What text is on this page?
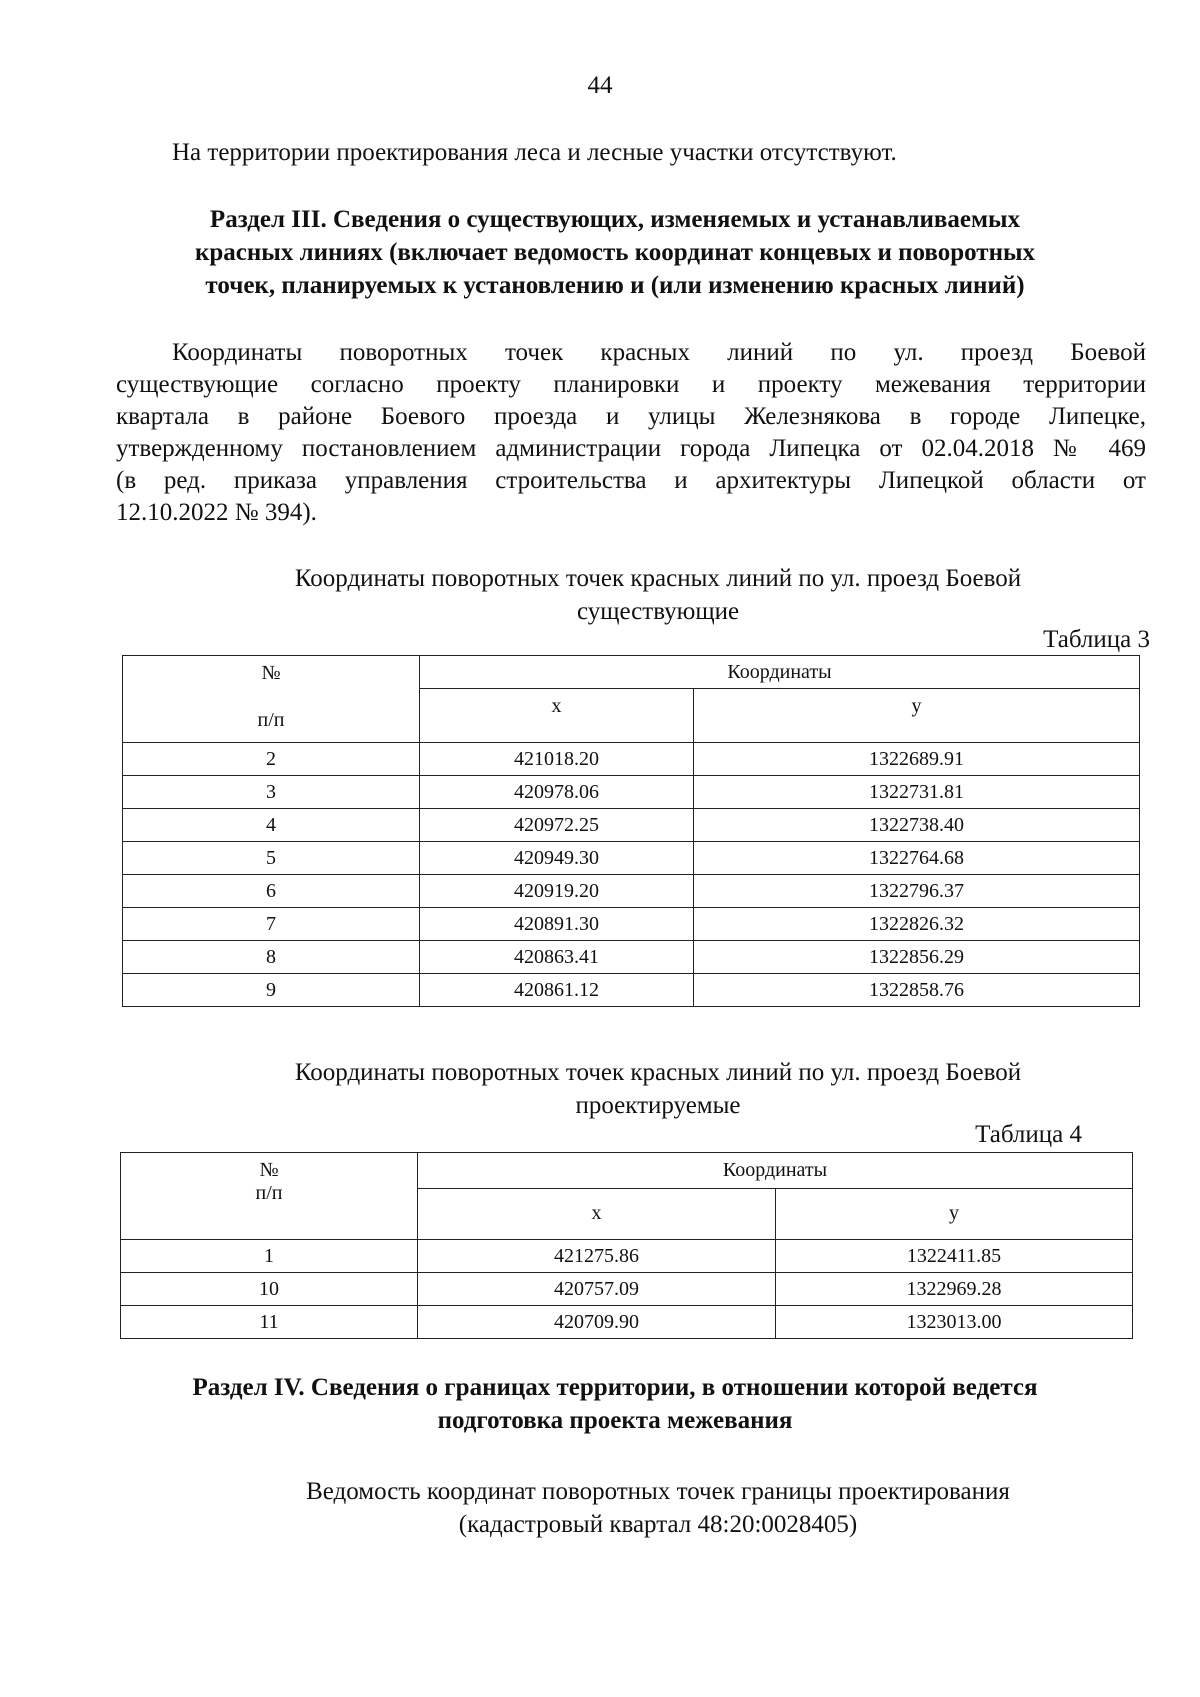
44
На территории проектирования леса и лесные участки отсутствуют.
Раздел III. Сведения о существующих, изменяемых и устанавливаемых
красных линиях (включает ведомость координат концевых и поворотных
точек, планируемых к установлению и (или изменению красных линий)
Координаты поворотных точек красных линий по ул. проезд Боевой
существующие согласно проекту планировки и проекту межевания территории
квартала в районе Боевого проезда и улицы Железнякова в городе Липецке,
утвержденному постановлением администрации города Липецка от 02.04.2018 № 469
(в ред. приказа управления строительства и архитектуры Липецкой области от
12.10.2022 № 394).
Координаты поворотных точек красных линий по ул. проезд Боевой
существующие
Таблица 3
№
п/п	Координаты	
	x	y
2	421018.20	1322689.91
3	420978.06	1322731.81
4	420972.25	1322738.40
5	420949.30	1322764.68
6	420919.20	1322796.37
7	420891.30	1322826.32
8	420863.41	1322856.29
9	420861.12	1322858.76
Координаты поворотных точек красных линий по ул. проезд Боевой
проектируемые
Таблица 4
№
п/п	Координаты	
	x	y
1	421275.86	1322411.85
10	420757.09	1322969.28
11	420709.90	1323013.00
Раздел IV. Сведения о границах территории, в отношении которой ведется
подготовка проекта межевания
Ведомость координат поворотных точек границы проектирования
(кадастровый квартал 48:20:0028405)
